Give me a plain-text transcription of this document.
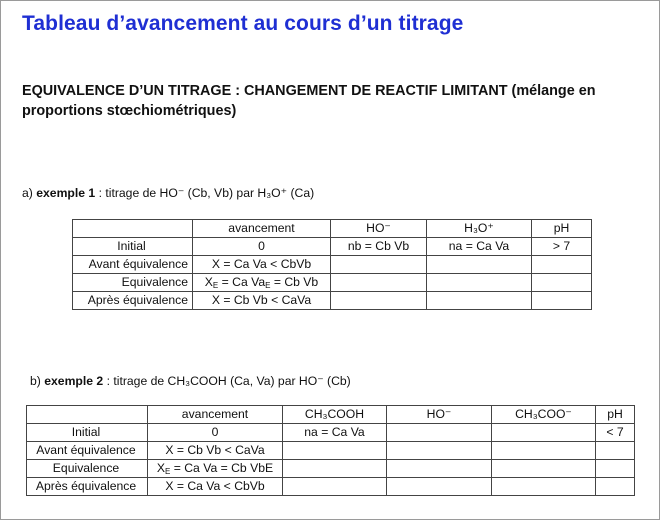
Tableau d’avancement au cours d’un titrage
EQUIVALENCE D’UN TITRAGE : CHANGEMENT DE REACTIF LIMITANT (mélange en proportions stœchiométriques)
a) exemple 1 : titrage de HO⁻ (Cb, Vb) par H₃O⁺ (Ca)
	avancement	HO⁻	H₃O⁺	pH
Initial	0	nb = Cb Vb	na = Ca Va	> 7
Avant équivalence	X = Ca Va < CbVb			
Equivalence	$X_E = Ca$ $Va_E = Cb$ Vb			
Après équivalence	X = Cb Vb < CaVa			
b) exemple 2 : titrage de CH₃COOH (Ca, Va) par HO⁻ (Cb)
	avancement	CH₃COOH	HO⁻	CH₃COO⁻	pH
Initial	0	na = Ca Va			< 7
Avant équivalence	X = Cb Vb < CaVa				
Equivalence	$X_E = Ca$ Va = Cb VbE				
Après équivalence	X = Ca Va < CbVb				
